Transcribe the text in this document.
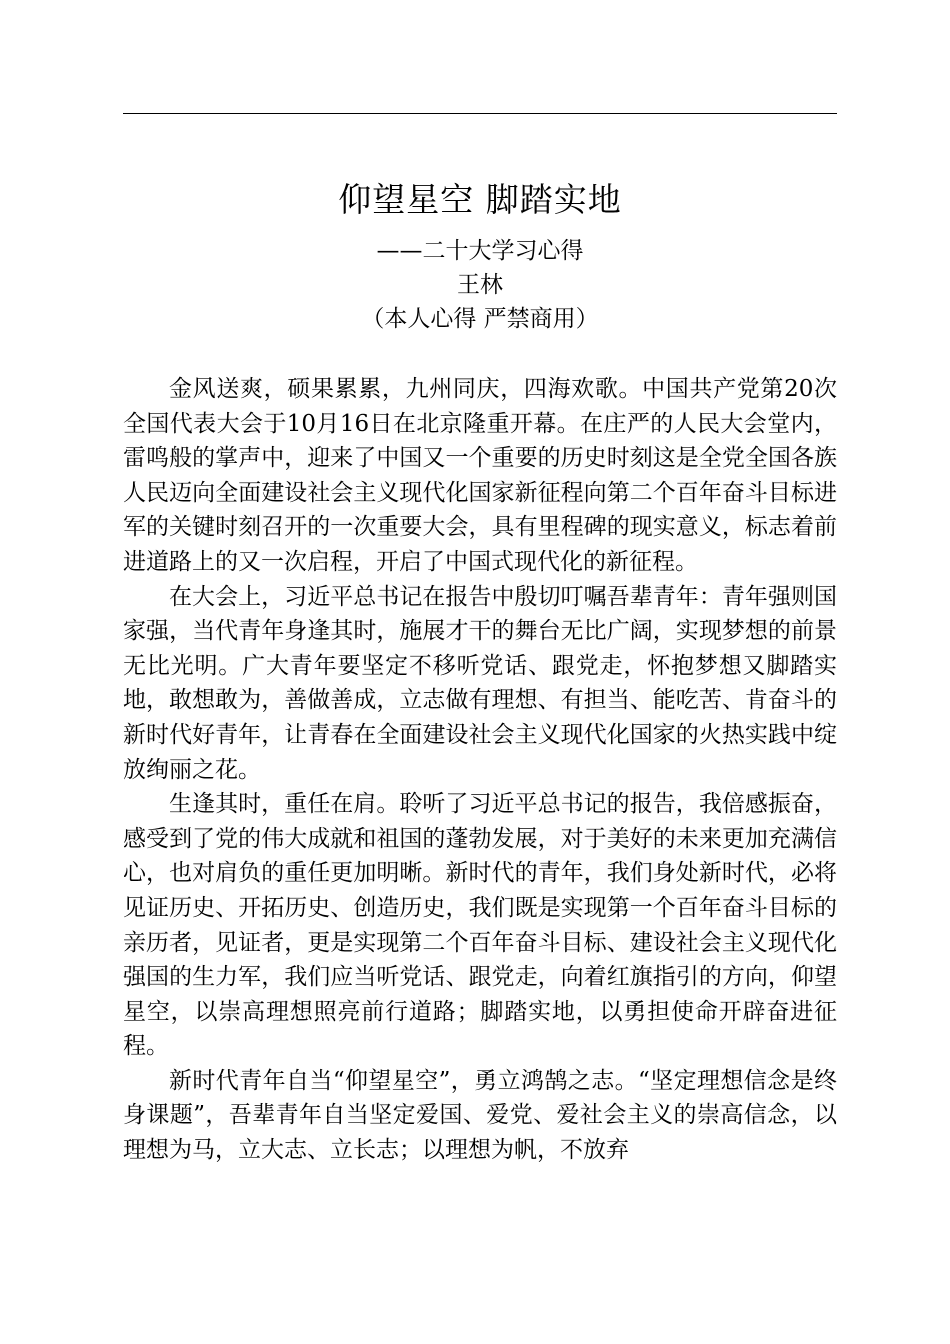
仰望星空 脚踏实地

——二十大学习心得

王林

（本人心得 严禁商用）

金风送爽，硕果累累，九州同庆，四海欢歌。中国共产党第20次全国代表大会于10月16日在北京隆重开幕。在庄严的人民大会堂内，雷鸣般的掌声中，迎来了中国又一个重要的历史时刻这是全党全国各族人民迈向全面建设社会主义现代化国家新征程向第二个百年奋斗目标进军的关键时刻召开的一次重要大会，具有里程碑的现实意义，标志着前进道路上的又一次启程，开启了中国式现代化的新征程。

在大会上，习近平总书记在报告中殷切叮嘱吾辈青年：青年强则国家强，当代青年身逢其时，施展才干的舞台无比广阔，实现梦想的前景无比光明。广大青年要坚定不移听党话、跟党走，怀抱梦想又脚踏实地，敢想敢为，善做善成，立志做有理想、有担当、能吃苦、肯奋斗的新时代好青年，让青春在全面建设社会主义现代化国家的火热实践中绽放绚丽之花。

生逢其时，重任在肩。聆听了习近平总书记的报告，我倍感振奋，感受到了党的伟大成就和祖国的蓬勃发展，对于美好的未来更加充满信心，也对肩负的重任更加明晰。新时代的青年，我们身处新时代，必将见证历史、开拓历史、创造历史，我们既是实现第一个百年奋斗目标的亲历者，见证者，更是实现第二个百年奋斗目标、建设社会主义现代化强国的生力军，我们应当听党话、跟党走，向着红旗指引的方向，仰望星空，以崇高理想照亮前行道路；脚踏实地，以勇担使命开辟奋进征程。

新时代青年自当“仰望星空”，勇立鸿鹄之志。“坚定理想信念是终身课题”，吾辈青年自当坚定爱国、爱党、爱社会主义的崇高信念，以理想为马，立大志、立长志；以理想为帆，不放弃
